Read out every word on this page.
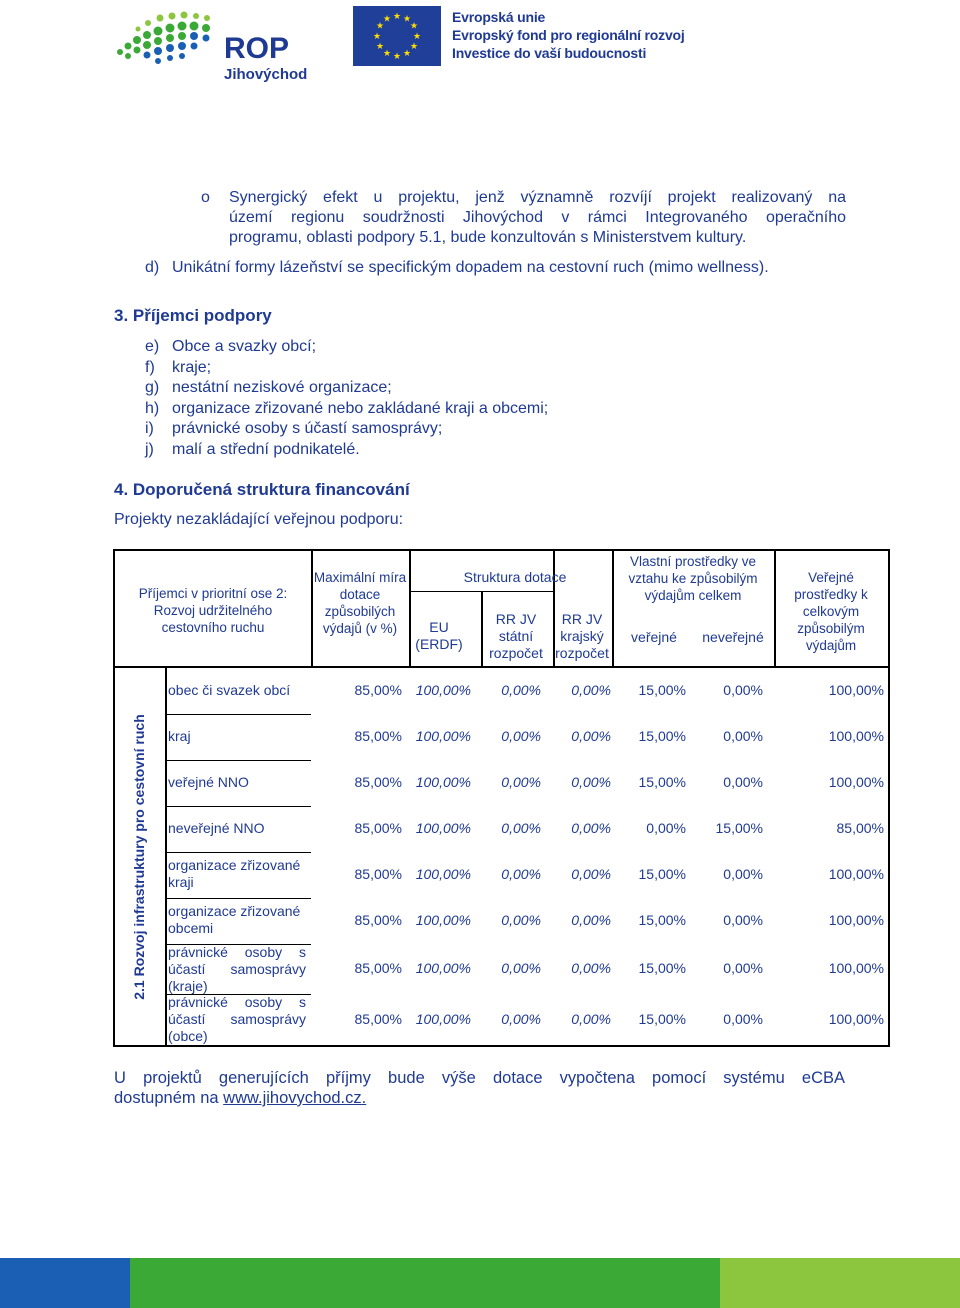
ROP
Jihovýchod
★ ★
★
★
★
★
★
★
★
★
★
★	Evropská unie
Evropský fond pro regionální rozvoj
Investice do vaší budoucnosti
o Synergický efekt u projektu, jenž významně rozvíjí projekt realizovaný na
území regionu soudržnosti Jihovýchod v rámci Integrovaného operačního
programu, oblasti podpory 5.1, bude konzultován s Ministerstvem kultury.
d) Unikátní formy lázeňství se specifickým dopadem na cestovní ruch (mimo wellness).
3. Příjemci podpory
e) Obce a svazky obcí;
f) kraje;
g) nestátní neziskové organizace;
h) organizace zřizované nebo zakládané kraji a obcemi;
i) právnické osoby s účastí samosprávy;
j) malí a střední podnikatelé.
4. Doporučená struktura financování
Projekty nezakládající veřejnou podporu:
Příjemci v prioritní ose 2: Rozvoj udržitelného cestovního ruchu
Maximální míra dotace způsobilých výdajů (v %)
Struktura dotace
EU (ERDF)
RR JV státní rozpočet
RR JV krajský rozpočet
Vlastní prostředky ve vztahu ke způsobilým výdajům celkem
veřejné	neveřejné
Veřejné prostředky k celkovým způsobilým výdajům
2.1 Rozvoj infrastruktury pro cestovní ruch
obec či svazek obcí	85,00% 100,00%	0,00%	0,00%	15,00%	0,00%	100,00%
kraj	85,00% 100,00%	0,00%	0,00%	15,00%	0,00%	100,00%
veřejné NNO	85,00% 100,00%	0,00%	0,00%	15,00%	0,00%	100,00%
neveřejné NNO	85,00% 100,00%	0,00%	0,00%	0,00%	15,00%	85,00%
organizace zřizované kraji	85,00% 100,00%	0,00%	0,00%	15,00%	0,00%	100,00%
organizace zřizované obcemi	85,00% 100,00%	0,00%	0,00%	15,00%	0,00%	100,00%
právnické osoby s účastí samosprávy (kraje)
85,00% 100,00%	0,00%	0,00%	15,00%	0,00%	100,00%
právnické osoby s účastí samosprávy (obce)
85,00% 100,00%	0,00%	0,00%	15,00%	0,00%	100,00%
U projektů generujících příjmy bude výše dotace vypočtena pomocí systému eCBA
dostupném na www.jihovychod.cz.
